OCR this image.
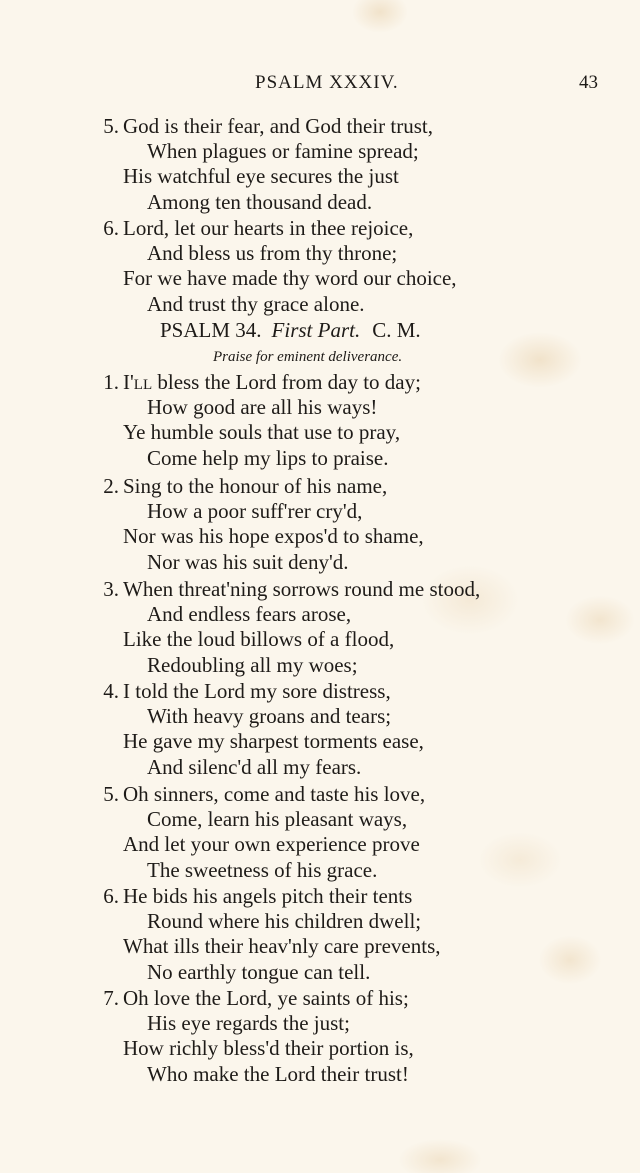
PSALM XXXIV.	43
5. God is their fear, and God their trust,
When plagues or famine spread;
His watchful eye secures the just
Among ten thousand dead.
6. Lord, let our hearts in thee rejoice,
And bless us from thy throne;
For we have made thy word our choice,
And trust thy grace alone.
PSALM 34. First Part. C. M.
Praise for eminent deliverance.
1. I'll bless the Lord from day to day;
How good are all his ways!
Ye humble souls that use to pray,
Come help my lips to praise.
2. Sing to the honour of his name,
How a poor suff'rer cry'd,
Nor was his hope expos'd to shame,
Nor was his suit deny'd.
3. When threat'ning sorrows round me stood,
And endless fears arose,
Like the loud billows of a flood,
Redoubling all my woes;
4. I told the Lord my sore distress,
With heavy groans and tears;
He gave my sharpest torments ease,
And silenc'd all my fears.
5. Oh sinners, come and taste his love,
Come, learn his pleasant ways,
And let your own experience prove
The sweetness of his grace.
6. He bids his angels pitch their tents
Round where his children dwell;
What ills their heav'nly care prevents,
No earthly tongue can tell.
7. Oh love the Lord, ye saints of his;
His eye regards the just;
How richly bless'd their portion is,
Who make the Lord their trust!
